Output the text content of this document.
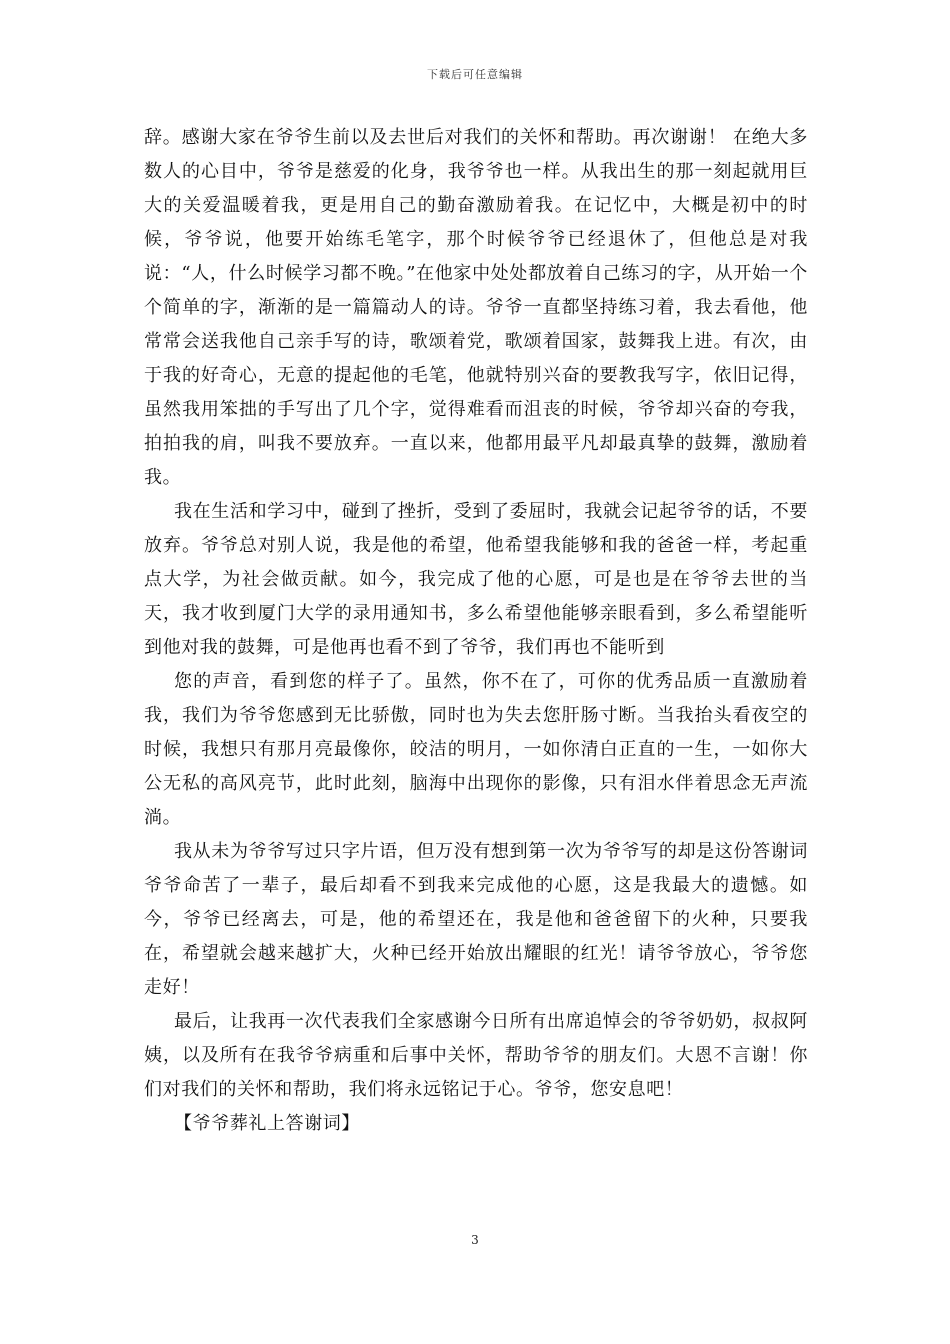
下载后可任意编辑

辞。感谢大家在爷爷生前以及去世后对我们的关怀和帮助。再次谢谢！ 在绝大多数人的心目中，爷爷是慈爱的化身，我爷爷也一样。从我出生的那一刻起就用巨大的关爱温暖着我，更是用自己的勤奋激励着我。在记忆中，大概是初中的时候，爷爷说，他要开始练毛笔字，那个时候爷爷已经退休了，但他总是对我说：“人，什么时候学习都不晚。”在他家中处处都放着自己练习的字，从开始一个个简单的字，渐渐的是一篇篇动人的诗。爷爷一直都坚持练习着，我去看他，他常常会送我他自己亲手写的诗，歌颂着党，歌颂着国家，鼓舞我上进。有次，由于我的好奇心，无意的提起他的毛笔，他就特别兴奋的要教我写字，依旧记得，虽然我用笨拙的手写出了几个字，觉得难看而沮丧的时候，爷爷却兴奋的夸我，拍拍我的肩，叫我不要放弃。一直以来，他都用最平凡却最真挚的鼓舞，激励着我。

我在生活和学习中，碰到了挫折，受到了委屈时，我就会记起爷爷的话，不要放弃。爷爷总对别人说，我是他的希望，他希望我能够和我的爸爸一样，考起重点大学，为社会做贡献。如今，我完成了他的心愿，可是也是在爷爷去世的当天，我才收到厦门大学的录用通知书，多么希望他能够亲眼看到，多么希望能听到他对我的鼓舞，可是他再也看不到了爷爷，我们再也不能听到

您的声音，看到您的样子了。虽然，你不在了，可你的优秀品质一直激励着我，我们为爷爷您感到无比骄傲，同时也为失去您肝肠寸断。当我抬头看夜空的时候，我想只有那月亮最像你，皎洁的明月，一如你清白正直的一生，一如你大公无私的高风亮节，此时此刻，脑海中出现你的影像，只有泪水伴着思念无声流淌。

我从未为爷爷写过只字片语，但万没有想到第一次为爷爷写的却是这份答谢词 爷爷命苦了一辈子，最后却看不到我来完成他的心愿，这是我最大的遗憾。如今，爷爷已经离去，可是，他的希望还在，我是他和爸爸留下的火种，只要我在，希望就会越来越扩大，火种已经开始放出耀眼的红光！请爷爷放心，爷爷您走好！

最后，让我再一次代表我们全家感谢今日所有出席追悼会的爷爷奶奶，叔叔阿姨，以及所有在我爷爷病重和后事中关怀，帮助爷爷的朋友们。大恩不言谢！你们对我们的关怀和帮助，我们将永远铭记于心。爷爷，您安息吧！

【爷爷葬礼上答谢词】

3
